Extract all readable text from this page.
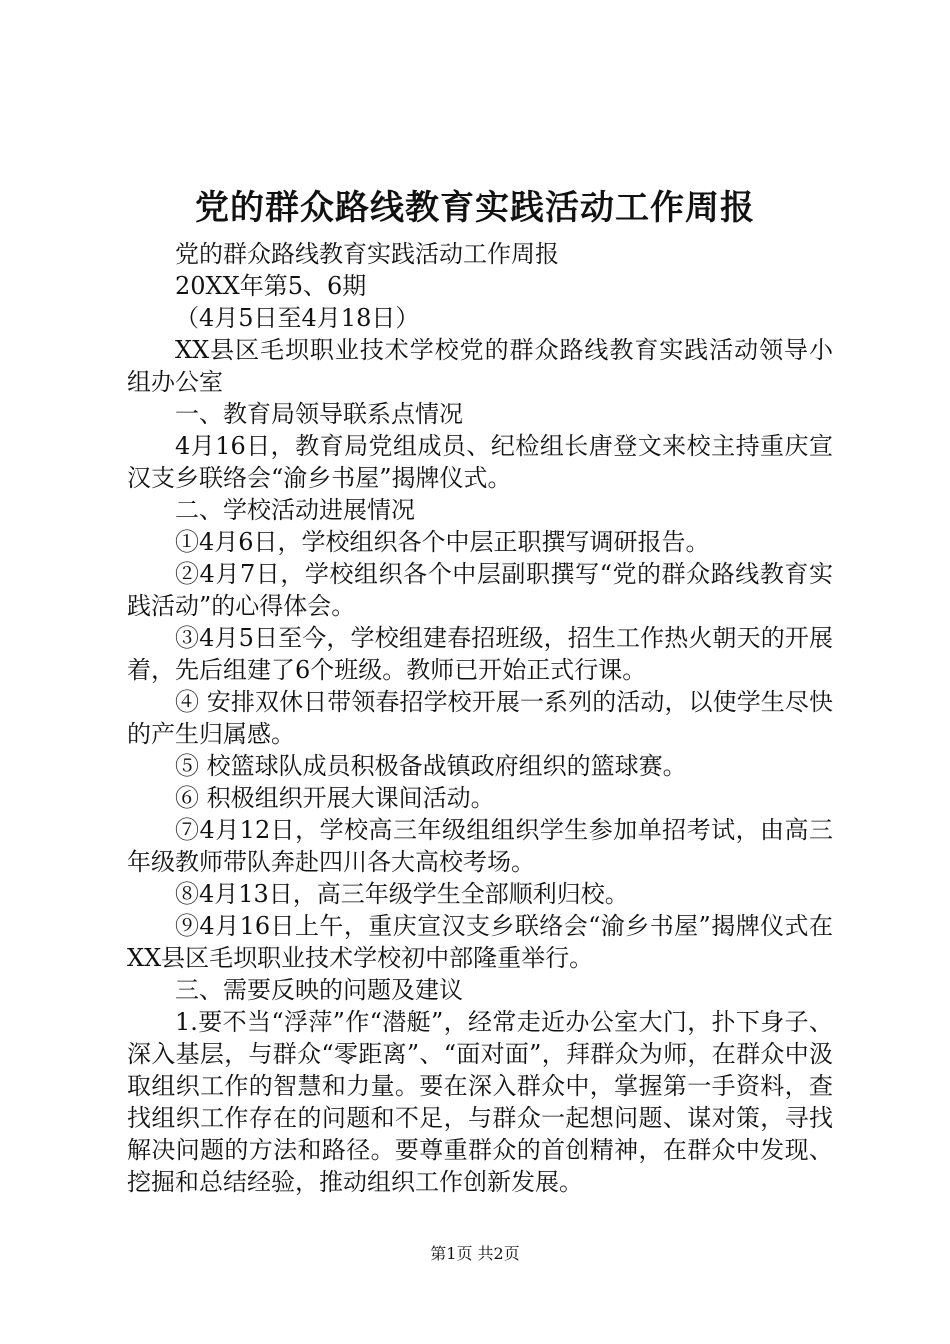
党的群众路线教育实践活动工作周报

党的群众路线教育实践活动工作周报

20XX年第5、6期

（4月5日至4月18日）

XX县区毛坝职业技术学校党的群众路线教育实践活动领导小组办公室

一、教育局领导联系点情况

4月16日，教育局党组成员、纪检组长唐登文来校主持重庆宣汉支乡联络会“渝乡书屋”揭牌仪式。

二、学校活动进展情况

①4月6日，学校组织各个中层正职撰写调研报告。

②4月7日，学校组织各个中层副职撰写“党的群众路线教育实践活动”的心得体会。

③4月5日至今，学校组建春招班级，招生工作热火朝天的开展着，先后组建了6个班级。教师已开始正式行课。

④ 安排双休日带领春招学校开展一系列的活动，以使学生尽快的产生归属感。

⑤ 校篮球队成员积极备战镇政府组织的篮球赛。

⑥ 积极组织开展大课间活动。

⑦4月12日，学校高三年级组组织学生参加单招考试，由高三年级教师带队奔赴四川各大高校考场。

⑧4月13日，高三年级学生全部顺利归校。

⑨4月16日上午，重庆宣汉支乡联络会“渝乡书屋”揭牌仪式在XX县区毛坝职业技术学校初中部隆重举行。

三、需要反映的问题及建议

1.要不当“浮萍”作“潜艇”，经常走近办公室大门，扑下身子、深入基层，与群众“零距离”、“面对面”，拜群众为师，在群众中汲取组织工作的智慧和力量。要在深入群众中，掌握第一手资料，查找组织工作存在的问题和不足，与群众一起想问题、谋对策，寻找解决问题的方法和路径。要尊重群众的首创精神，在群众中发现、挖掘和总结经验，推动组织工作创新发展。

第1页 共2页
